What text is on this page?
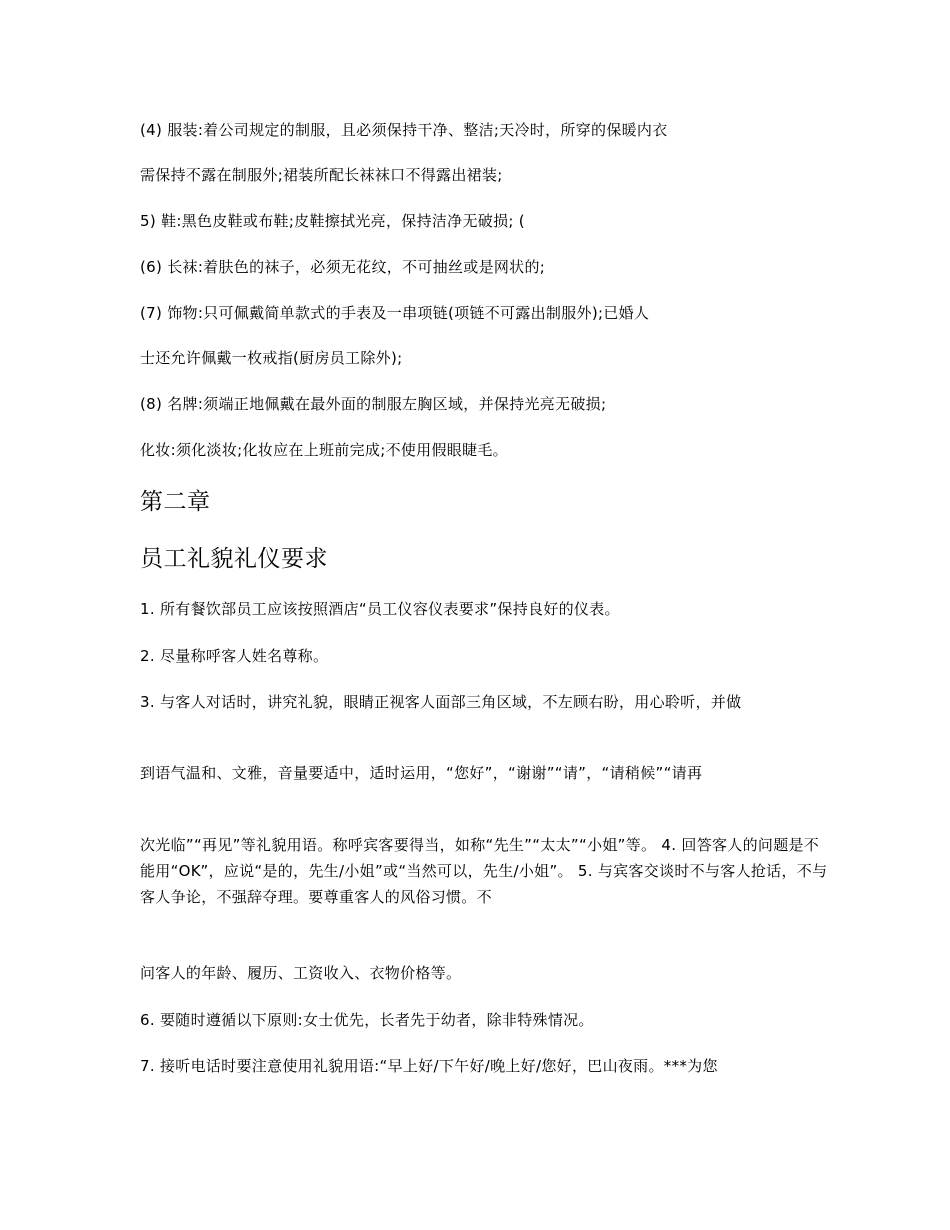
(4) 服装:着公司规定的制服，且必须保持干净、整洁;天冷时，所穿的保暖内衣
需保持不露在制服外;裙装所配长袜袜口不得露出裙装;
5) 鞋:黑色皮鞋或布鞋;皮鞋擦拭光亮，保持洁净无破损; (
(6) 长袜:着肤色的袜子，必须无花纹，不可抽丝或是网状的;
(7) 饰物:只可佩戴简单款式的手表及一串项链(项链不可露出制服外);已婚人
士还允许佩戴一枚戒指(厨房员工除外);
(8) 名牌:须端正地佩戴在最外面的制服左胸区域，并保持光亮无破损;
化妆:须化淡妆;化妆应在上班前完成;不使用假眼睫毛。
第二章
员工礼貌礼仪要求
1. 所有餐饮部员工应该按照酒店“员工仪容仪表要求”保持良好的仪表。
2. 尽量称呼客人姓名尊称。
3. 与客人对话时，讲究礼貌，眼睛正视客人面部三角区域，不左顾右盼，用心聆听，并做
到语气温和、文雅，音量要适中，适时运用，“您好”，“谢谢”“请”，“请稍候”“请再
次光临”“再见”等礼貌用语。称呼宾客要得当，如称“先生”“太太”“小姐”等。 4. 回答客人的问题是不能用“OK”，应说“是的，先生/小姐”或“当然可以，先生/小姐”。 5. 与宾客交谈时不与客人抢话，不与客人争论，不强辞夺理。要尊重客人的风俗习惯。不
问客人的年龄、履历、工资收入、衣物价格等。
6. 要随时遵循以下原则:女士优先，长者先于幼者，除非特殊情况。
7. 接听电话时要注意使用礼貌用语:“早上好/下午好/晚上好/您好，巴山夜雨。***为您
